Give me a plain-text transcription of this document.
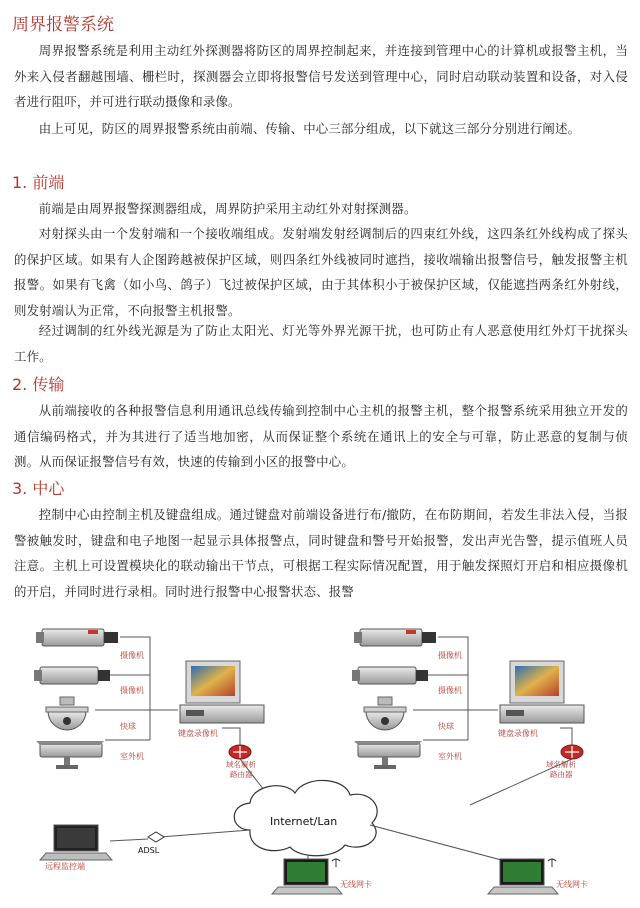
周界报警系统

周界报警系统是利用主动红外探测器将防区的周界控制起来，并连接到管理中心的计算机或报警主机，当外来入侵者翻越围墙、栅栏时，探测器会立即将报警信号发送到管理中心，同时启动联动装置和设备，对入侵者进行阻吓，并可进行联动摄像和录像。

由上可见，防区的周界报警系统由前端、传输、中心三部分组成，以下就这三部分分别进行阐述。

1. 前端

前端是由周界报警探测器组成，周界防护采用主动红外对射探测器。

对射探头由一个发射端和一个接收端组成。发射端发射经调制后的四束红外线，这四条红外线构成了探头的保护区域。如果有人企图跨越被保护区域，则四条红外线被同时遮挡，接收端输出报警信号，触发报警主机报警。如果有飞禽（如小鸟、鸽子）飞过被保护区域，由于其体积小于被保护区域，仅能遮挡两条红外射线，则发射端认为正常，不向报警主机报警。

经过调制的红外线光源是为了防止太阳光、灯光等外界光源干扰，也可防止有人恶意使用红外灯干扰探头工作。

2. 传输

从前端接收的各种报警信息利用通讯总线传输到控制中心主机的报警主机，整个报警系统采用独立开发的通信编码格式，并为其进行了适当地加密，从而保证整个系统在通讯上的安全与可靠，防止恶意的复制与侦测。从而保证报警信号有效，快速的传输到小区的报警中心。

3. 中心

控制中心由控制主机及键盘组成。通过键盘对前端设备进行布/撤防，在布防期间，若发生非法入侵，当报警被触发时，键盘和电子地图一起显示具体报警点，同时键盘和警号开始报警，发出声光告警，提示值班人员注意。主机上可设置模块化的联动输出干节点，可根据工程实际情况配置，用于触发探照灯开启和相应摄像机的开启，并同时进行录相。同时进行报警中心报警状态、报警

摄像机
摄像机
快球
室外机
键盘录像机
域名解析
路由器
摄像机
摄像机
快球
室外机
键盘录像机
域名解析
路由器
Internet/Lan
远程监控端
ADSL
无线网卡	无线网卡
